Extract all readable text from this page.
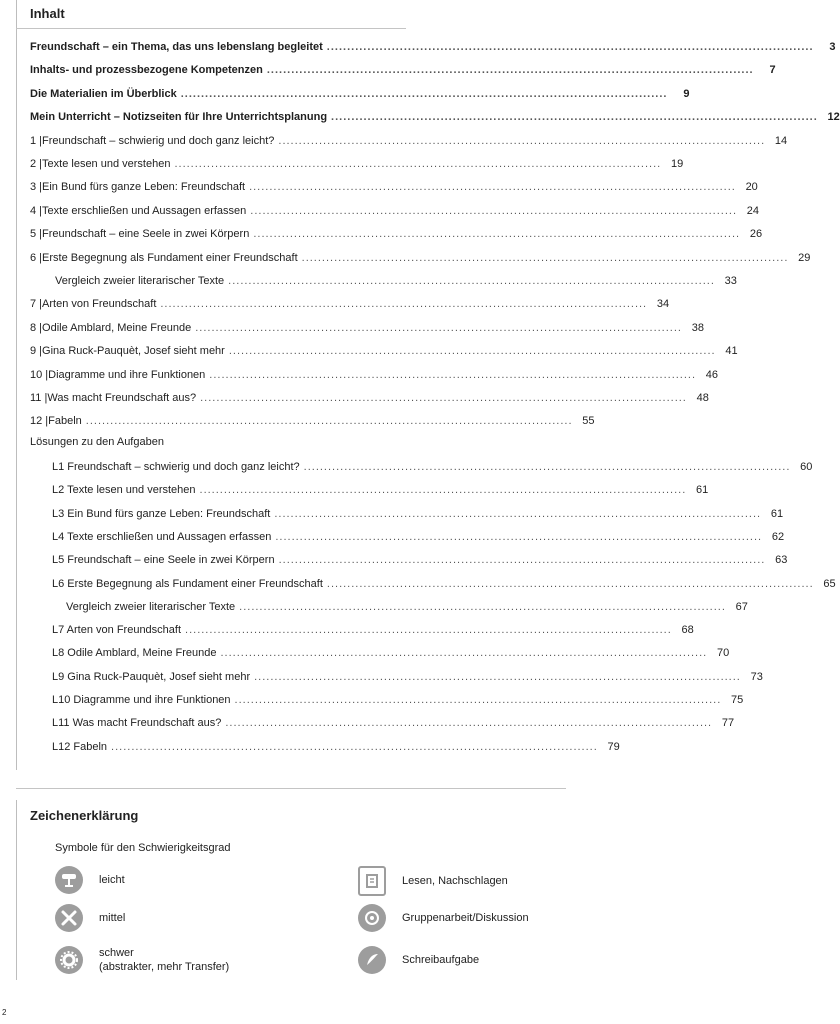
Inhalt
Freundschaft – ein Thema, das uns lebenslang begleitet ........................................................................................................................	3
Inhalts- und prozessbezogene Kompetenzen ........................................................................................................................	7
Die Materialien im Überblick ........................................................................................................................	9
Mein Unterricht – Notizseiten für Ihre Unterrichtsplanung ........................................................................................................................ 12
1 | Freundschaft – schwierig und doch ganz leicht? ........................................................................................................................ 14
2 | Texte lesen und verstehen ........................................................................................................................ 19
3 | Ein Bund fürs ganze Leben: Freundschaft ........................................................................................................................ 20
4 | Texte erschließen und Aussagen erfassen ........................................................................................................................ 24
5 | Freundschaft – eine Seele in zwei Körpern ........................................................................................................................ 26
6 | Erste Begegnung als Fundament einer Freundschaft ........................................................................................................................ 29
Vergleich zweier literarischer Texte ........................................................................................................................ 33
7 | Arten von Freundschaft ........................................................................................................................ 34
8 | Odile Amblard, Meine Freunde ........................................................................................................................ 38
9 | Gina Ruck-Pauquèt, Josef sieht mehr ........................................................................................................................ 41
10 | Diagramme und ihre Funktionen ........................................................................................................................ 46
11 | Was macht Freundschaft aus? ........................................................................................................................ 48
12 | Fabeln ........................................................................................................................ 55
Lösungen zu den Aufgaben
L1 Freundschaft – schwierig und doch ganz leicht? ........................................................................................................................ 60
L2 Texte lesen und verstehen ........................................................................................................................ 61
L3 Ein Bund fürs ganze Leben: Freundschaft ........................................................................................................................ 61
L4 Texte erschließen und Aussagen erfassen ........................................................................................................................ 62
L5 Freundschaft – eine Seele in zwei Körpern ........................................................................................................................ 63
L6 Erste Begegnung als Fundament einer Freundschaft ........................................................................................................................ 65
Vergleich zweier literarischer Texte ........................................................................................................................ 67
L7 Arten von Freundschaft ........................................................................................................................ 68
L8 Odile Amblard, Meine Freunde ........................................................................................................................ 70
L9 Gina Ruck-Pauquèt, Josef sieht mehr ........................................................................................................................ 73
L10 Diagramme und ihre Funktionen ........................................................................................................................ 75
L11 Was macht Freundschaft aus? ........................................................................................................................ 77
L12 Fabeln ........................................................................................................................ 79
Zeichenerklärung
Symbole für den Schwierigkeitsgrad
leicht
mittel
schwer
(abstrakter, mehr Transfer)
Lesen, Nachschlagen
Gruppenarbeit/Diskussion
Schreibaufgabe
2
